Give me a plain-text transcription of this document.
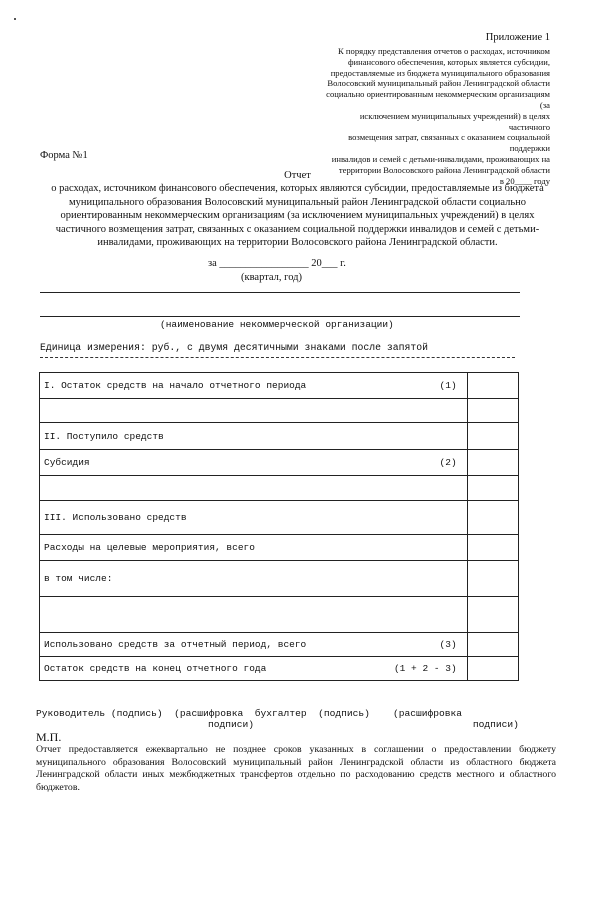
Приложение 1
К порядку представления отчетов о расходах, источником
финансового обеспечения, которых является субсидии,
предоставляемые из бюджета муниципального образования
Волосовский муниципальный район Ленинградской области
социально ориентированным некоммерческим организациям (за
исключением муниципальных учреждений) в целях частичного
возмещения затрат, связанных с оказанием социальной поддержки
инвалидов и семей с детьми-инвалидами, проживающих на
территории Волосовского района Ленинградской области
в 20____ году
Форма №1
Отчет
о расходах, источником финансового обеспечения, которых являются субсидии, предоставляемые из бюджета
муниципального образования Волосовский муниципальный район Ленинградской области социально
ориентированным некоммерческим организациям (за исключением муниципальных учреждений) в целях
частичного возмещения затрат, связанных с оказанием социальной поддержки инвалидов и семей с детьми-
инвалидами, проживающих на территории Волосовского района Ленинградской области.
за _________________ 20___ г.
(квартал, год)
(наименование некоммерческой организации)
Единица измерения: руб., с двумя десятичными знаками после запятой
I. Остаток средств на начало отчетного периода (1)	

II. Поступило средств	

Субсидия (2)	

III. Использовано средств	

Расходы на целевые мероприятия, всего	

в том числе:	

Использовано средств за отчетный период, всего (3)	

Остаток средств на конец отчетного года (1 + 2 - 3)	

Руководитель (подпись)  (расшифровка  бухгалтер  (подпись)    (расшифровка
подписи)                                      подписи)
М.П.
Отчет предоставляется ежеквартально не позднее сроков указанных в соглашении о предоставлении бюджету муниципального образования Волосовский муниципальный район Ленинградской области из областного бюджета Ленинградской области иных межбюджетных трансфертов отдельно по расходованию средств местного и областного бюджетов.
